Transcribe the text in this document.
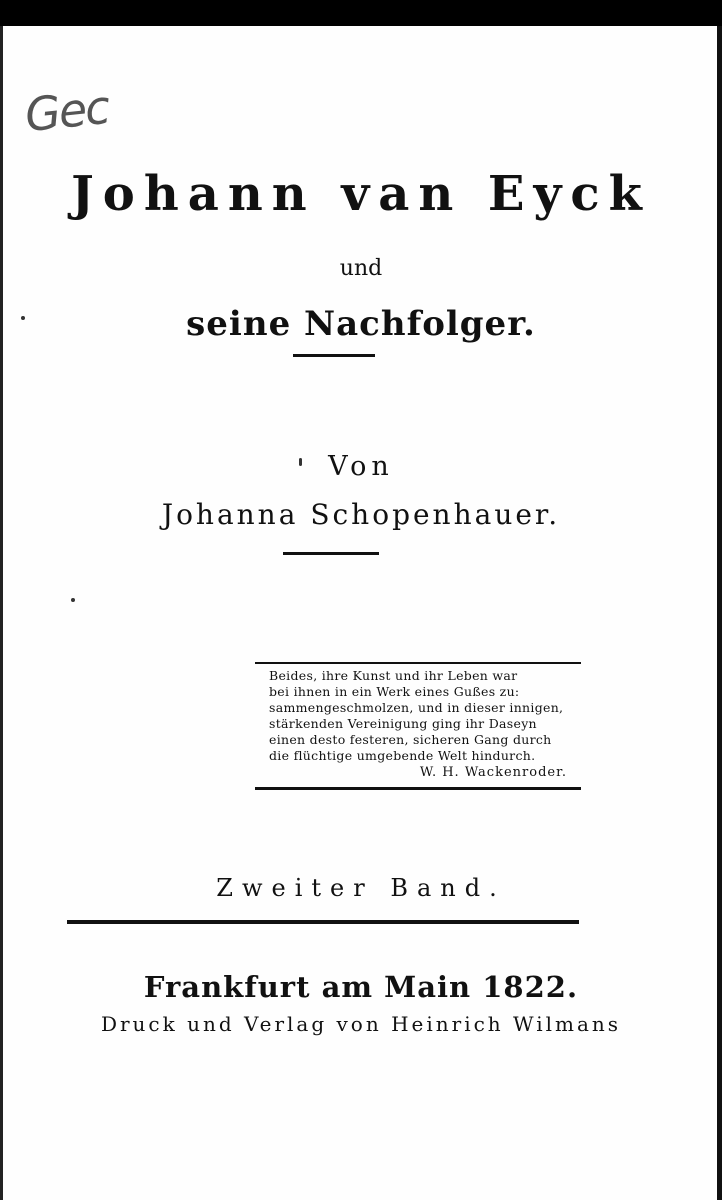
Gec
Johann van Eyck
und
seine Nachfolger.
Von
Johanna Schopenhauer.
Beides, ihre Kunst und ihr Leben war
bei ihnen in ein Werk eines Gußes zu:
sammengeschmolzen, und in dieser innigen,
stärkenden Vereinigung ging ihr Daseyn
einen desto festeren, sicheren Gang durch
die flüchtige umgebende Welt hindurch.
W. H. Wackenroder.
Zweiter Band.
Frankfurt am Main 1822.
Druck und Verlag von Heinrich Wilmans
